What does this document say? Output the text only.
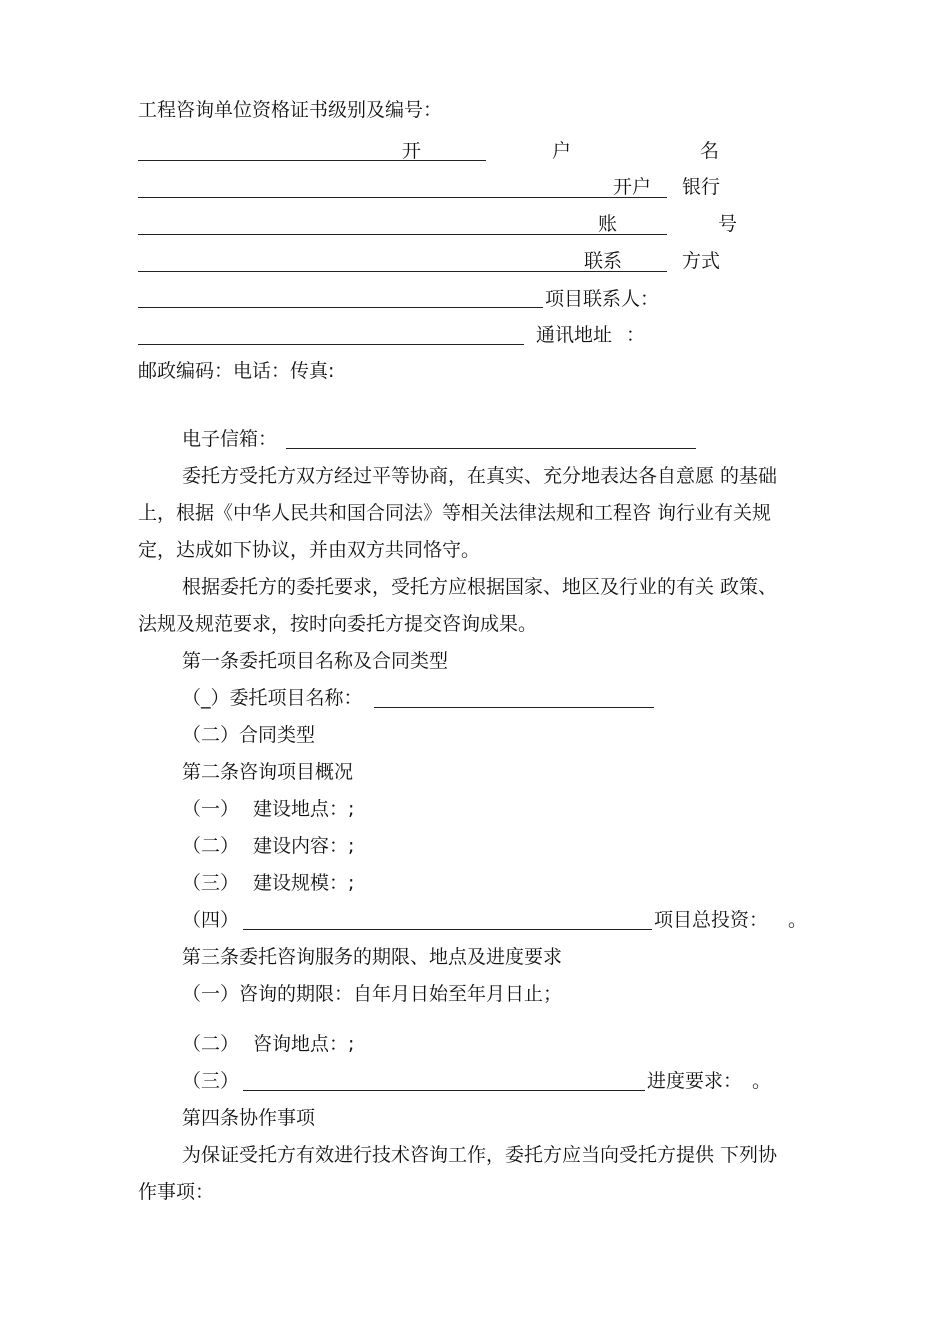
工程咨询单位资格证书级别及编号：
开	户	名
开户 银行
账	号
联系	方式
项目联系人：
通讯地址 ：
邮政编码：电话：传真:
电子信箱：
委托方受托方双方经过平等协商，在真实、充分地表达各自意愿 的基础
上，根据《中华人民共和国合同法》等相关法律法规和工程咨 询行业有关规
定，达成如下协议，并由双方共同恪守。
根据委托方的委托要求，受托方应根据国家、地区及行业的有关 政策、
法规及规范要求，按时向委托方提交咨询成果。
第一条委托项目名称及合同类型
（_）委托项目名称：
（二）合同类型
第二条咨询项目概况
（一） 建设地点：;
（二） 建设内容：;
（三） 建设规模：;
（四）	项目总投资： 。
第三条委托咨询服务的期限、地点及进度要求
（一）咨询的期限：自年月日始至年月日止；
（二） 咨询地点：;
（三）	进度要求： 。
第四条协作事项
为保证受托方有效进行技术咨询工作，委托方应当向受托方提供 下列协
作事项：
